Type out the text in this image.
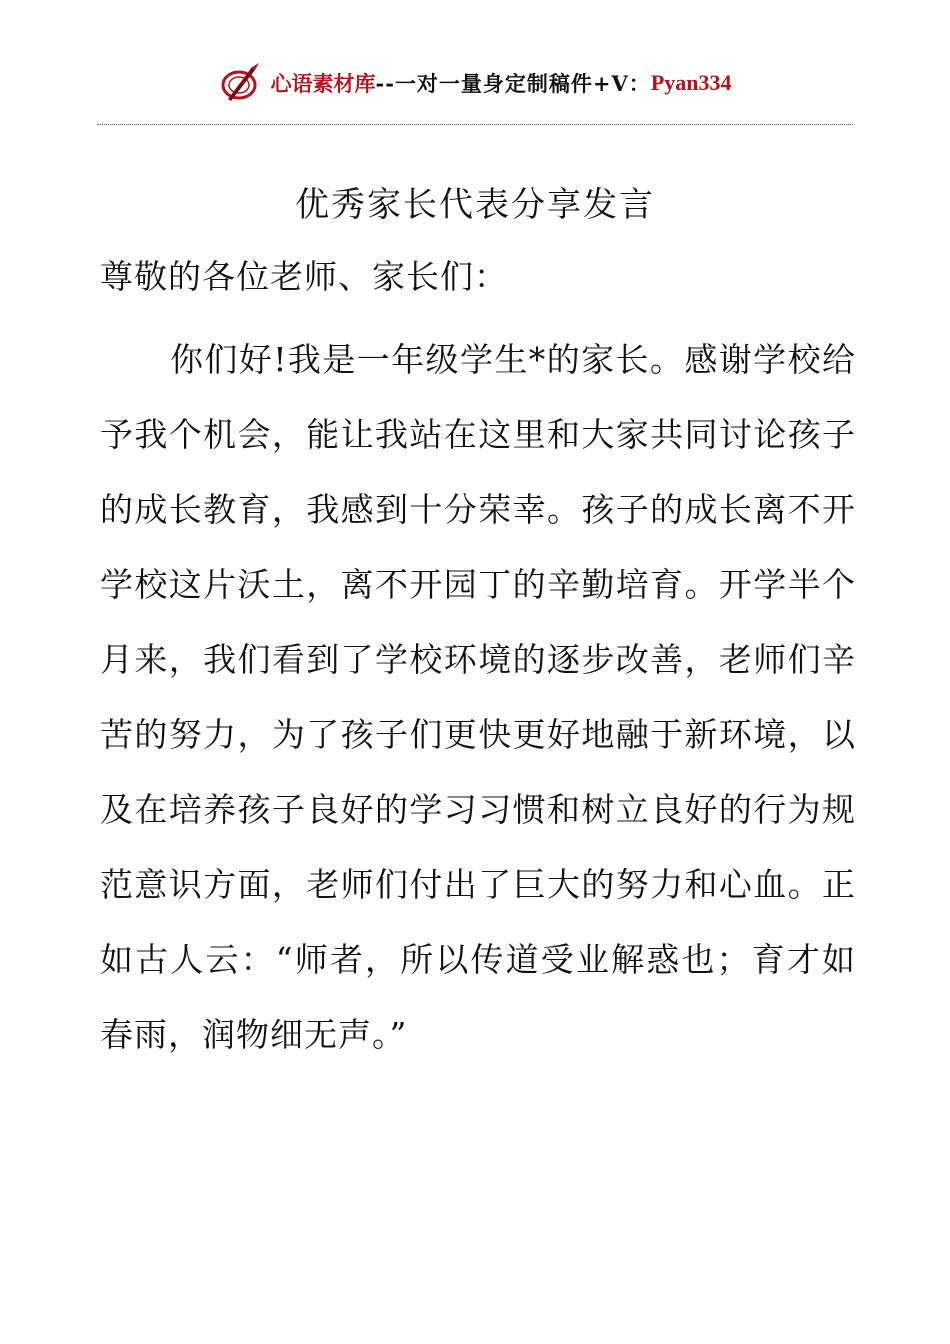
心语素材库 --一对一量身定制稿件+V： Pyan334
优秀家长代表分享发言
尊敬的各位老师、家长们：

你们好!我是一年级学生*的家长。感谢学校给予我个机会，能让我站在这里和大家共同讨论孩子的成长教育，我感到十分荣幸。孩子的成长离不开学校这片沃土，离不开园丁的辛勤培育。开学半个月来，我们看到了学校环境的逐步改善，老师们辛苦的努力，为了孩子们更快更好地融于新环境，以及在培养孩子良好的学习习惯和树立良好的行为规范意识方面，老师们付出了巨大的努力和心血。正如古人云：“师者，所以传道受业解惑也；育才如春雨，润物细无声。”
